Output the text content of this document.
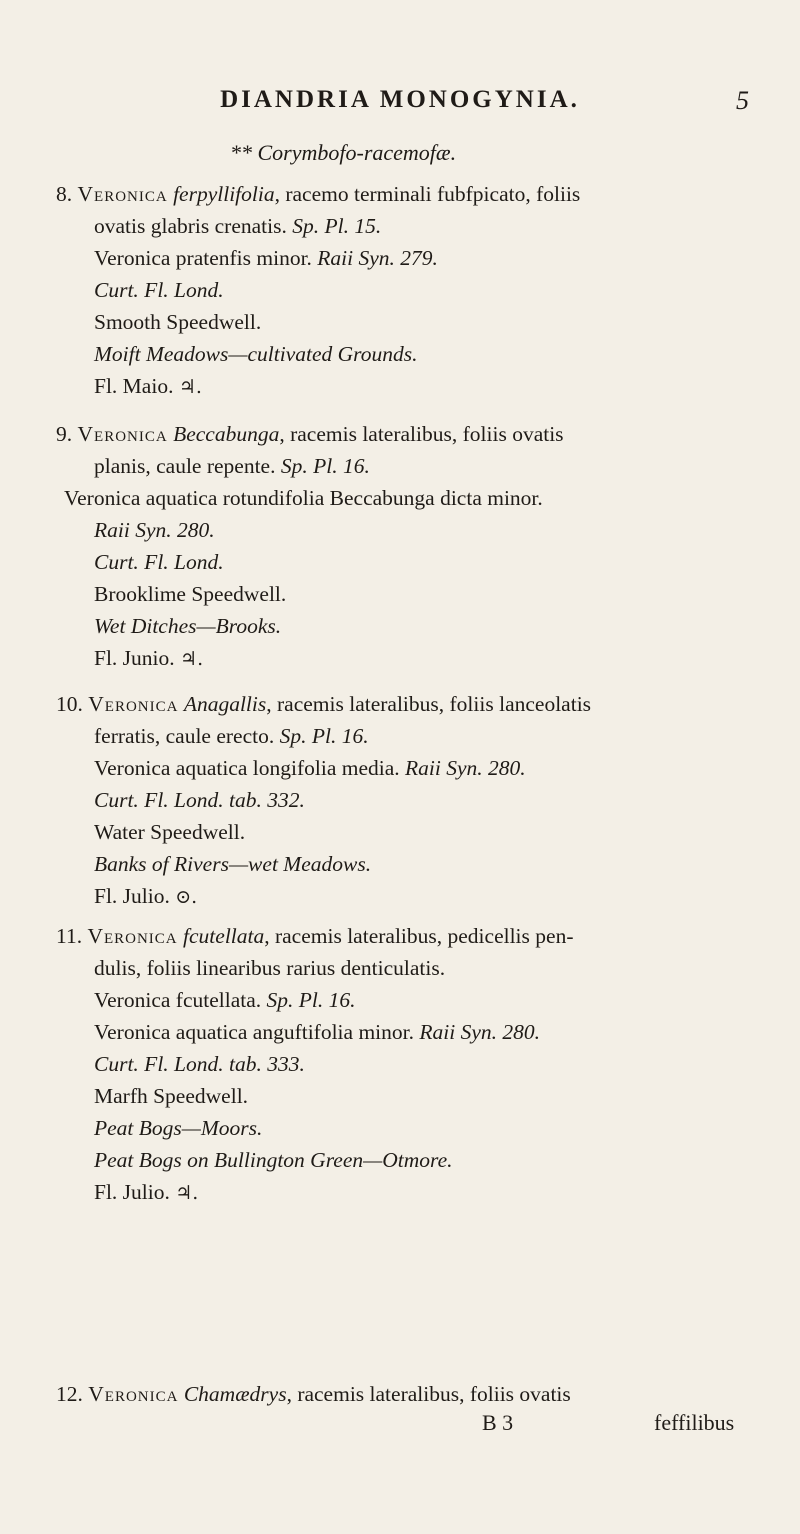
DIANDRIA MONOGYNIA.	5
** Corymbofo-racemofæ.
8. Veronica ferpyllifolia, racemo terminali fubfpicato, foliis
ovatis glabris crenatis. Sp. Pl. 15.
Veronica pratenfis minor. Raii Syn. 279.
Curt. Fl. Lond.
Smooth Speedwell.
Moift Meadows—cultivated Grounds.
Fl. Maio. ♃.
9. Veronica Beccabunga, racemis lateralibus, foliis ovatis
planis, caule repente. Sp. Pl. 16.
Veronica aquatica rotundifolia Beccabunga dicta minor.
Raii Syn. 280.
Curt. Fl. Lond.
Brooklime Speedwell.
Wet Ditches—Brooks.
Fl. Junio. ♃.
10. Veronica Anagallis, racemis lateralibus, foliis lanceolatis
ferratis, caule erecto. Sp. Pl. 16.
Veronica aquatica longifolia media. Raii Syn. 280.
Curt. Fl. Lond. tab. 332.
Water Speedwell.
Banks of Rivers—wet Meadows.
Fl. Julio. ⊙.
11. Veronica fcutellata, racemis lateralibus, pedicellis pen-
dulis, foliis linearibus rarius denticulatis.
Veronica fcutellata. Sp. Pl. 16.
Veronica aquatica anguftifolia minor. Raii Syn. 280.
Curt. Fl. Lond. tab. 333.
Marfh Speedwell.
Peat Bogs—Moors.
Peat Bogs on Bullington Green—Otmore.
Fl. Julio. ♃.
12. Veronica Chamædrys, racemis lateralibus, foliis ovatis
B 3	feffilibus
